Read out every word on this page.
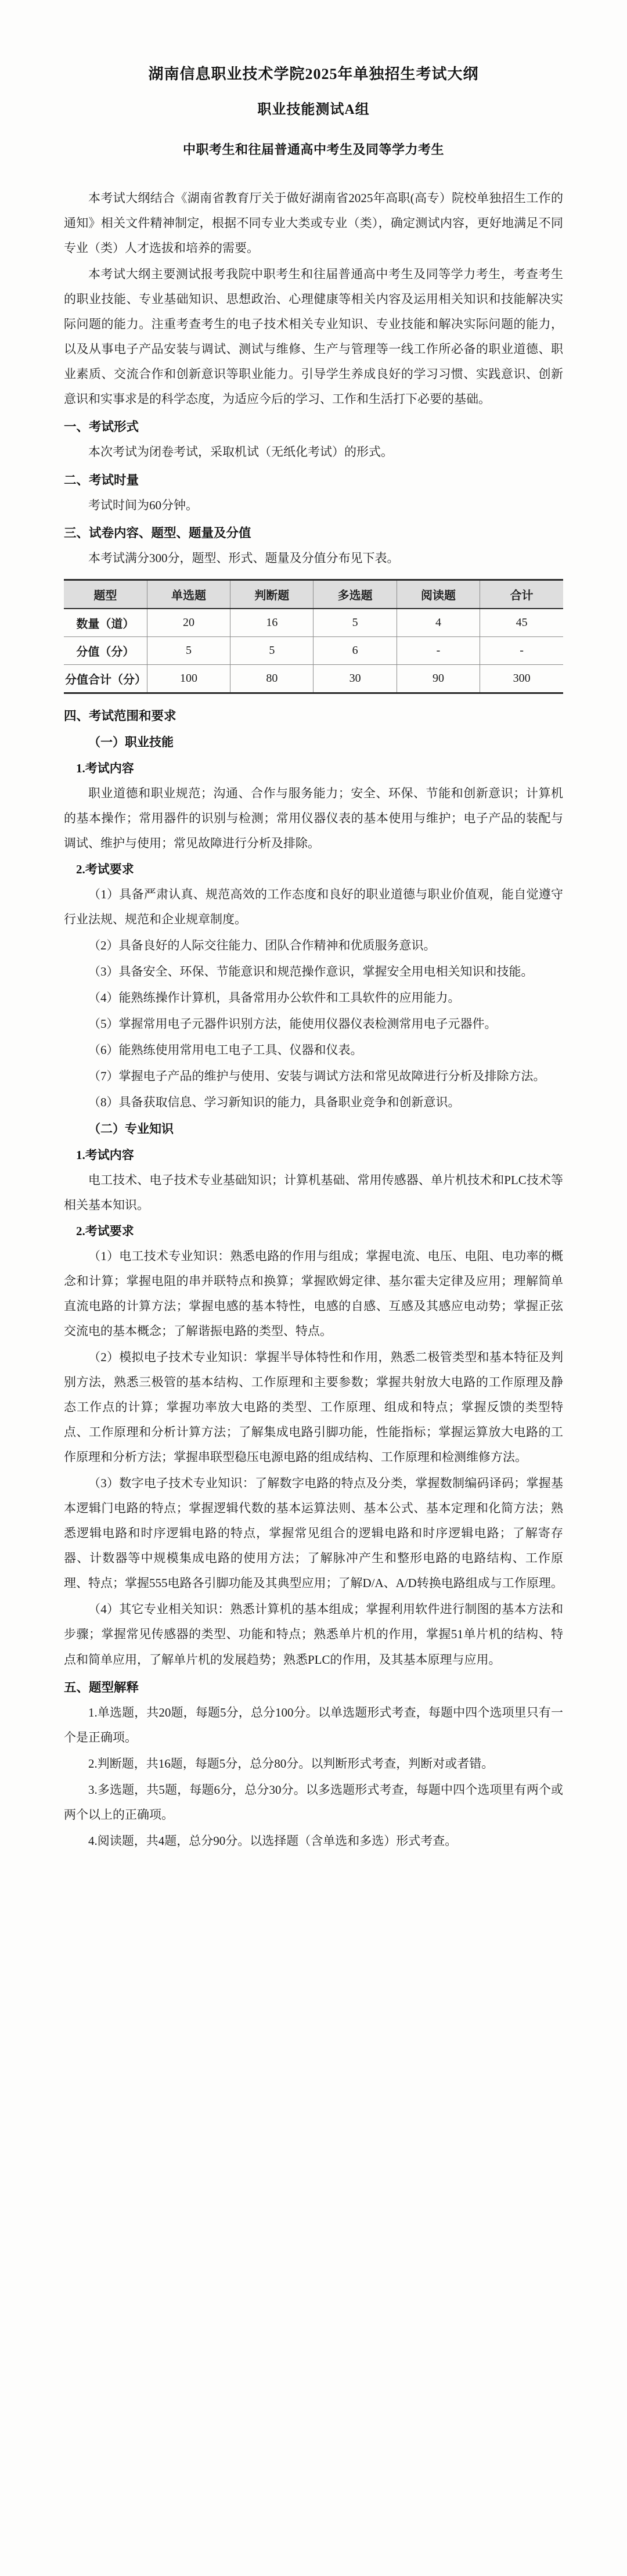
湖南信息职业技术学院2025年单独招生考试大纲
职业技能测试A组

中职考生和往届普通高中考生及同等学力考生

本考试大纲结合《湖南省教育厅关于做好湖南省2025年高职(高专）院校单独招生工作的通知》相关文件精神制定，根据不同专业大类或专业（类），确定测试内容，更好地满足不同专业（类）人才选拔和培养的需要。

本考试大纲主要测试报考我院中职考生和往届普通高中考生及同等学力考生，考查考生的职业技能、专业基础知识、思想政治、心理健康等相关内容及运用相关知识和技能解决实际问题的能力。注重考查考生的电子技术相关专业知识、专业技能和解决实际问题的能力，以及从事电子产品安装与调试、测试与维修、生产与管理等一线工作所必备的职业道德、职业素质、交流合作和创新意识等职业能力。引导学生养成良好的学习习惯、实践意识、创新意识和实事求是的科学态度，为适应今后的学习、工作和生活打下必要的基础。

一、考试形式

本次考试为闭卷考试，采取机试（无纸化考试）的形式。

二、考试时量

考试时间为60分钟。

三、试卷内容、题型、题量及分值

本考试满分300分，题型、形式、题量及分值分布见下表。

题型	单选题	判断题	多选题	阅读题	合计
数量（道）	20	16	5	4	45
分值（分）	5	5	6	-	-
分值合计（分）	100	80	30	90	300
四、考试范围和要求
（一）职业技能
1.考试内容

职业道德和职业规范；沟通、合作与服务能力；安全、环保、节能和创新意识；计算机的基本操作；常用器件的识别与检测；常用仪器仪表的基本使用与维护；电子产品的装配与调试、维护与使用；常见故障进行分析及排除。

2.考试要求

（1）具备严肃认真、规范高效的工作态度和良好的职业道德与职业价值观，能自觉遵守行业法规、规范和企业规章制度。

（2）具备良好的人际交往能力、团队合作精神和优质服务意识。

（3）具备安全、环保、节能意识和规范操作意识，掌握安全用电相关知识和技能。

（4）能熟练操作计算机，具备常用办公软件和工具软件的应用能力。

（5）掌握常用电子元器件识别方法，能使用仪器仪表检测常用电子元器件。

（6）能熟练使用常用电工电子工具、仪器和仪表。

（7）掌握电子产品的维护与使用、安装与调试方法和常见故障进行分析及排除方法。

（8）具备获取信息、学习新知识的能力，具备职业竞争和创新意识。

（二）专业知识
1.考试内容

电工技术、电子技术专业基础知识；计算机基础、常用传感器、单片机技术和PLC技术等相关基本知识。

2.考试要求

（1）电工技术专业知识：熟悉电路的作用与组成；掌握电流、电压、电阻、电功率的概念和计算；掌握电阻的串并联特点和换算；掌握欧姆定律、基尔霍夫定律及应用；理解简单直流电路的计算方法；掌握电感的基本特性，电感的自感、互感及其感应电动势；掌握正弦交流电的基本概念；了解谐振电路的类型、特点。

（2）模拟电子技术专业知识：掌握半导体特性和作用，熟悉二极管类型和基本特征及判别方法，熟悉三极管的基本结构、工作原理和主要参数；掌握共射放大电路的工作原理及静态工作点的计算；掌握功率放大电路的类型、工作原理、组成和特点；掌握反馈的类型特点、工作原理和分析计算方法；了解集成电路引脚功能，性能指标；掌握运算放大电路的工作原理和分析方法；掌握串联型稳压电源电路的组成结构、工作原理和检测维修方法。

（3）数字电子技术专业知识：了解数字电路的特点及分类，掌握数制编码译码；掌握基本逻辑门电路的特点；掌握逻辑代数的基本运算法则、基本公式、基本定理和化简方法；熟悉逻辑电路和时序逻辑电路的特点，掌握常见组合的逻辑电路和时序逻辑电路；了解寄存器、计数器等中规模集成电路的使用方法；了解脉冲产生和整形电路的电路结构、工作原理、特点；掌握555电路各引脚功能及其典型应用；了解D/A、A/D转换电路组成与工作原理。

（4）其它专业相关知识：熟悉计算机的基本组成；掌握利用软件进行制图的基本方法和步骤；掌握常见传感器的类型、功能和特点；熟悉单片机的作用，掌握51单片机的结构、特点和简单应用，了解单片机的发展趋势；熟悉PLC的作用，及其基本原理与应用。

五、题型解释

1.单选题，共20题，每题5分，总分100分。以单选题形式考查，每题中四个选项里只有一个是正确项。

2.判断题，共16题，每题5分，总分80分。以判断形式考查，判断对或者错。

3.多选题，共5题，每题6分，总分30分。以多选题形式考查，每题中四个选项里有两个或两个以上的正确项。

4.阅读题，共4题，总分90分。以选择题（含单选和多选）形式考查。
